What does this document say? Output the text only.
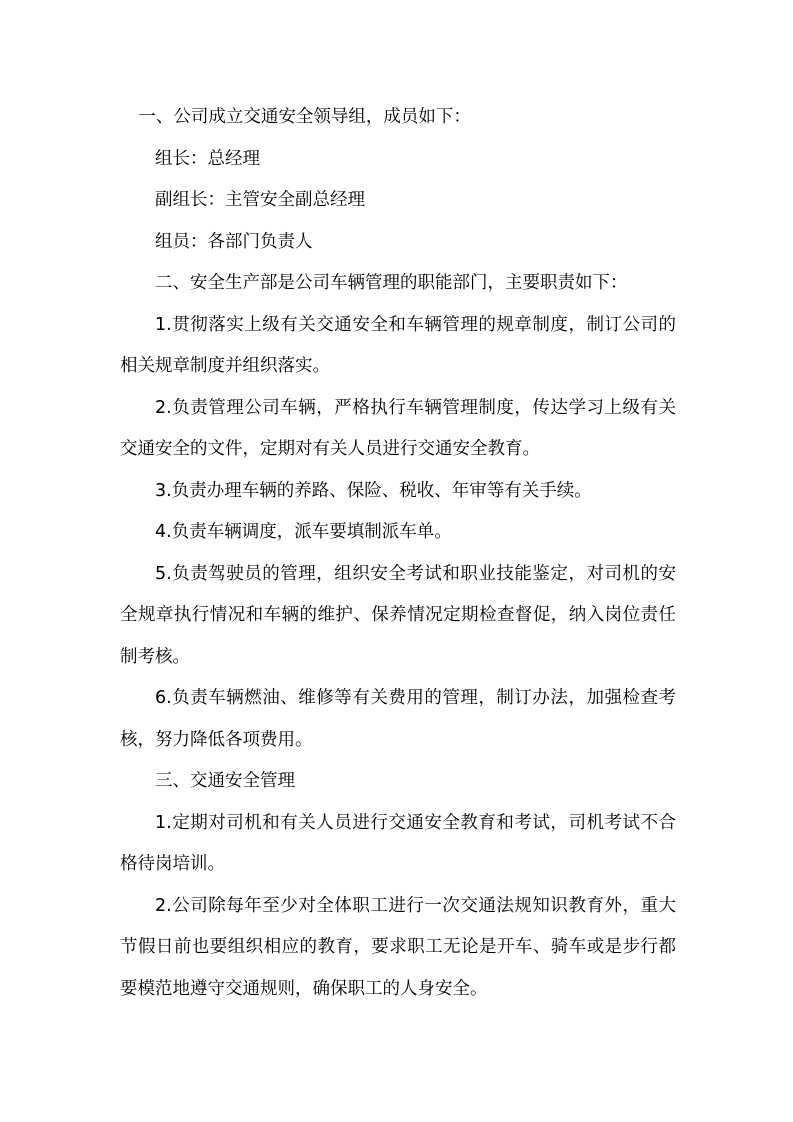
一、公司成立交通安全领导组，成员如下：

组长：总经理

副组长：主管安全副总经理

组员：各部门负责人

二、安全生产部是公司车辆管理的职能部门，主要职责如下：

1.贯彻落实上级有关交通安全和车辆管理的规章制度，制订公司的相关规章制度并组织落实。

2.负责管理公司车辆，严格执行车辆管理制度，传达学习上级有关交通安全的文件，定期对有关人员进行交通安全教育。

3.负责办理车辆的养路、保险、税收、年审等有关手续。

4.负责车辆调度，派车要填制派车单。

5.负责驾驶员的管理，组织安全考试和职业技能鉴定，对司机的安全规章执行情况和车辆的维护、保养情况定期检查督促，纳入岗位责任制考核。

6.负责车辆燃油、维修等有关费用的管理，制订办法，加强检查考核，努力降低各项费用。

三、交通安全管理

1.定期对司机和有关人员进行交通安全教育和考试，司机考试不合格待岗培训。

2.公司除每年至少对全体职工进行一次交通法规知识教育外，重大节假日前也要组织相应的教育，要求职工无论是开车、骑车或是步行都要模范地遵守交通规则，确保职工的人身安全。
